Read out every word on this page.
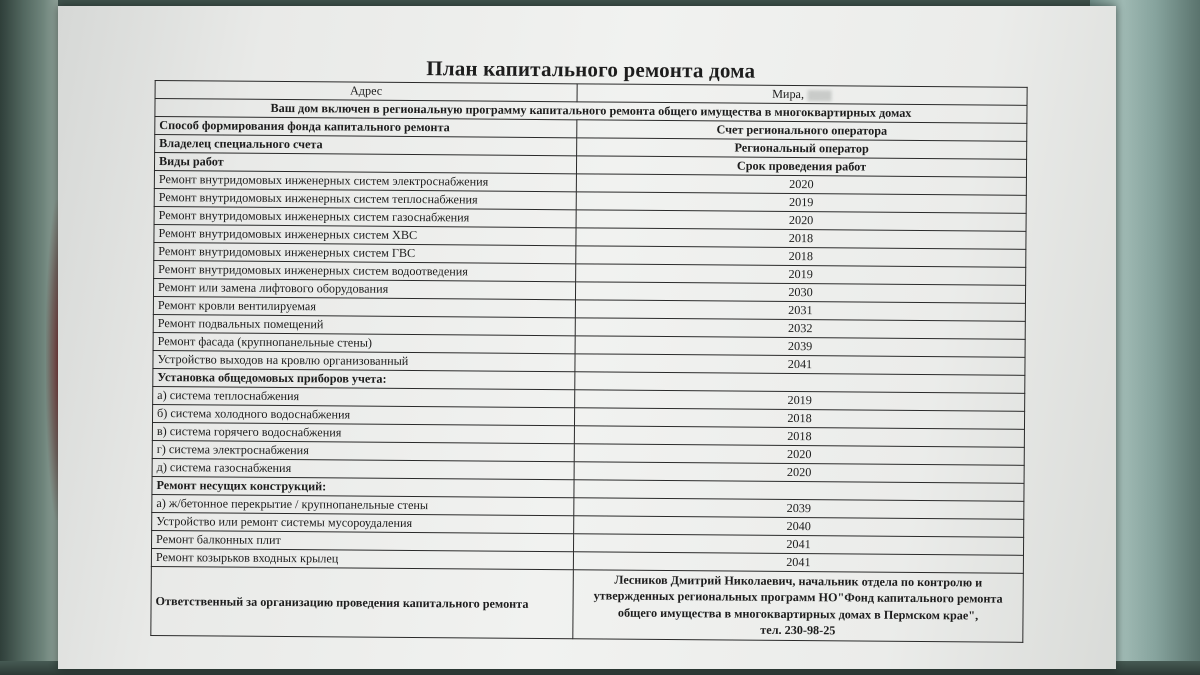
План капитального ремонта дома
Адрес	Мира,
Ваш дом включен в региональную программу капитального ремонта общего имущества в многоквартирных домах	
Способ формирования фонда капитального ремонта	Счет регионального оператора
Владелец специального счета	Региональный оператор
Виды работ	Срок проведения работ
Ремонт внутридомовых инженерных систем электроснабжения	2020
Ремонт внутридомовых инженерных систем теплоснабжения	2019
Ремонт внутридомовых инженерных систем газоснабжения	2020
Ремонт внутридомовых инженерных систем ХВС	2018
Ремонт внутридомовых инженерных систем ГВС	2018
Ремонт внутридомовых инженерных систем водоотведения	2019
Ремонт или замена лифтового оборудования	2030
Ремонт кровли вентилируемая	2031
Ремонт подвальных помещений	2032
Ремонт фасада (крупнопанельные стены)	2039
Устройство выходов на кровлю организованный	2041
Установка общедомовых приборов учета:	
а) система теплоснабжения	2019
б) система холодного водоснабжения	2018
в) система горячего водоснабжения	2018
г) система электроснабжения	2020
д) система газоснабжения	2020
Ремонт несущих конструкций:	
а) ж/бетонное перекрытие / крупнопанельные стены	2039
Устройство или ремонт системы мусороудаления	2040
Ремонт балконных плит	2041
Ремонт козырьков входных крылец	2041
Ответственный за организацию проведения капитального ремонта	Лесников Дмитрий Николаевич, начальник отдела по контролю и утвержденных региональных программ НО"Фонд капитального ремонта общего имущества в многоквартирных домах в Пермском крае",
тел. 230-98-25
